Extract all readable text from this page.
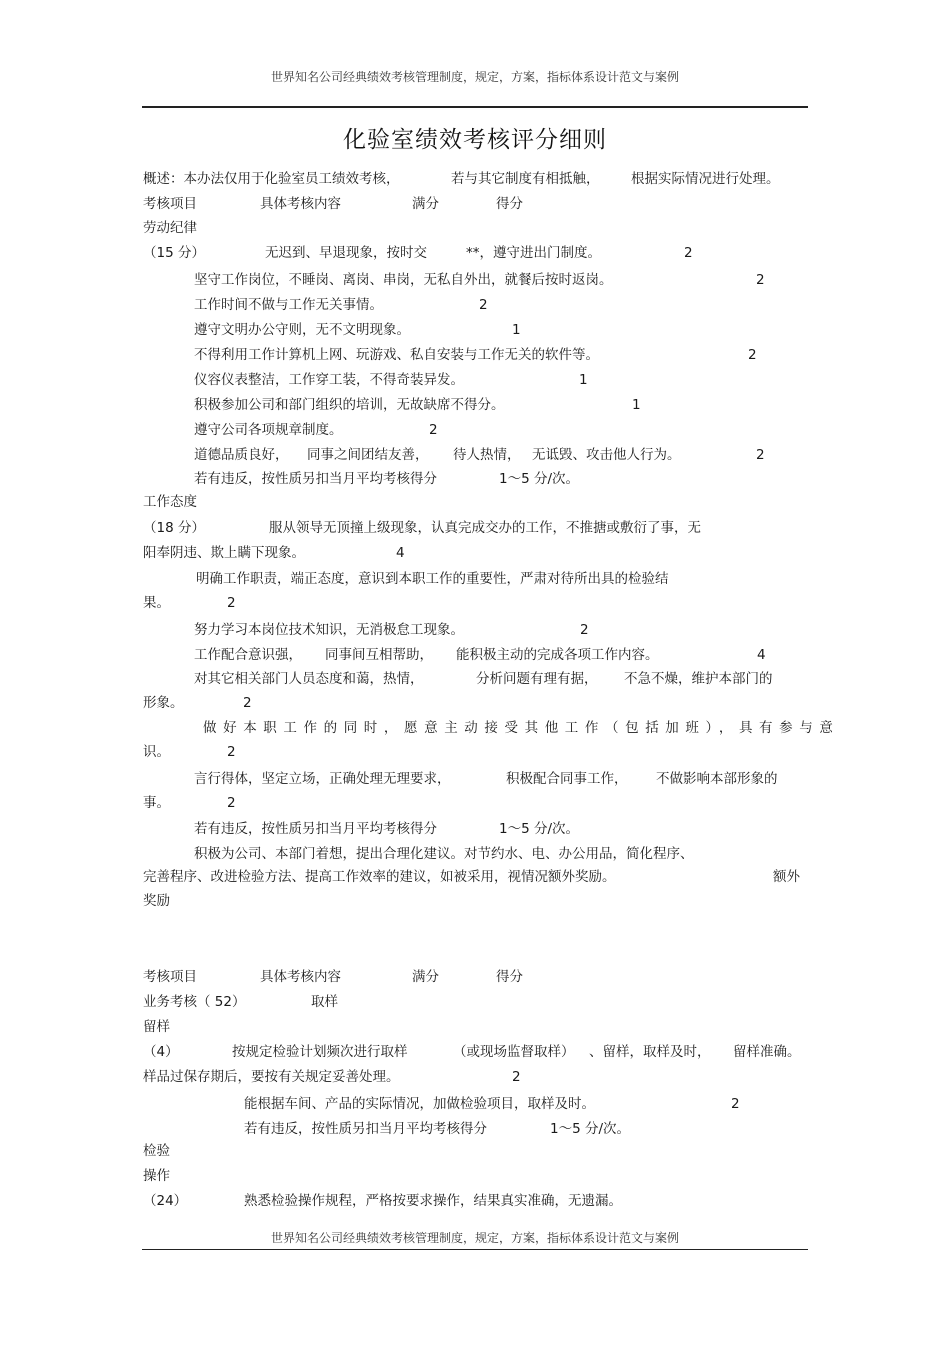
世界知名公司经典绩效考核管理制度，规定，方案，指标体系设计范文与案例
化验室绩效考核评分细则
概述：本办法仅用于化验室员工绩效考核，	若与其它制度有相抵触， 根据实际情况进行处理。
考核项目	具体考核内容	满分	得分
劳动纪律
（15 分）	无迟到、早退现象，按时交	**，遵守进出门制度。	2
坚守工作岗位，不睡岗、离岗、串岗，无私自外出，就餐后按时返岗。	2
工作时间不做与工作无关事情。	2
遵守文明办公守则，无不文明现象。	1
不得利用工作计算机上网、玩游戏、私自安装与工作无关的软件等。	2
仪容仪表整洁，工作穿工装，不得奇装异发。	1
积极参加公司和部门组织的培训，无故缺席不得分。	1
遵守公司各项规章制度。	2
道德品质良好， 同事之间团结友善， 待人热情， 无诋毁、攻击他人行为。	2
若有违反，按性质另扣当月平均考核得分	1～5 分/次。
工作态度
（18 分）	服从领导无顶撞上级现象，认真完成交办的工作，不推搪或敷衍了事，无
阳奉阴违、欺上瞒下现象。	4
明确工作职责，端正态度，意识到本职工作的重要性，严肃对待所出具的检验结
果。	2
努力学习本岗位技术知识，无消极怠工现象。	2
工作配合意识强， 同事间互相帮助， 能积极主动的完成各项工作内容。	4
对其它相关部门人员态度和蔼，热情，	分析问题有理有据， 不急不燥，维护本部门的
形象。	2
做好本职工作的同时，愿意主动接受其他工作（包括加班），具有参与意
识。	2
言行得体，坚定立场，正确处理无理要求，	积极配合同事工作， 不做影响本部形象的
事。	2
若有违反，按性质另扣当月平均考核得分	1～5 分/次。
积极为公司、本部门着想，提出合理化建议。对节约水、电、办公用品，简化程序、
完善程序、改进检验方法、提高工作效率的建议，如被采用，视情况额外奖励。	额外
奖励
考核项目	具体考核内容	满分	得分
业务考核（ 52）	取样
留样
（4）	按规定检验计划频次进行取样	（或现场监督取样） 、留样，取样及时， 留样准确。
样品过保存期后，要按有关规定妥善处理。	2
能根据车间、产品的实际情况，加做检验项目，取样及时。	2
若有违反，按性质另扣当月平均考核得分	1～5 分/次。
检验
操作
（24）	熟悉检验操作规程，严格按要求操作，结果真实准确，无遗漏。
世界知名公司经典绩效考核管理制度，规定，方案，指标体系设计范文与案例
